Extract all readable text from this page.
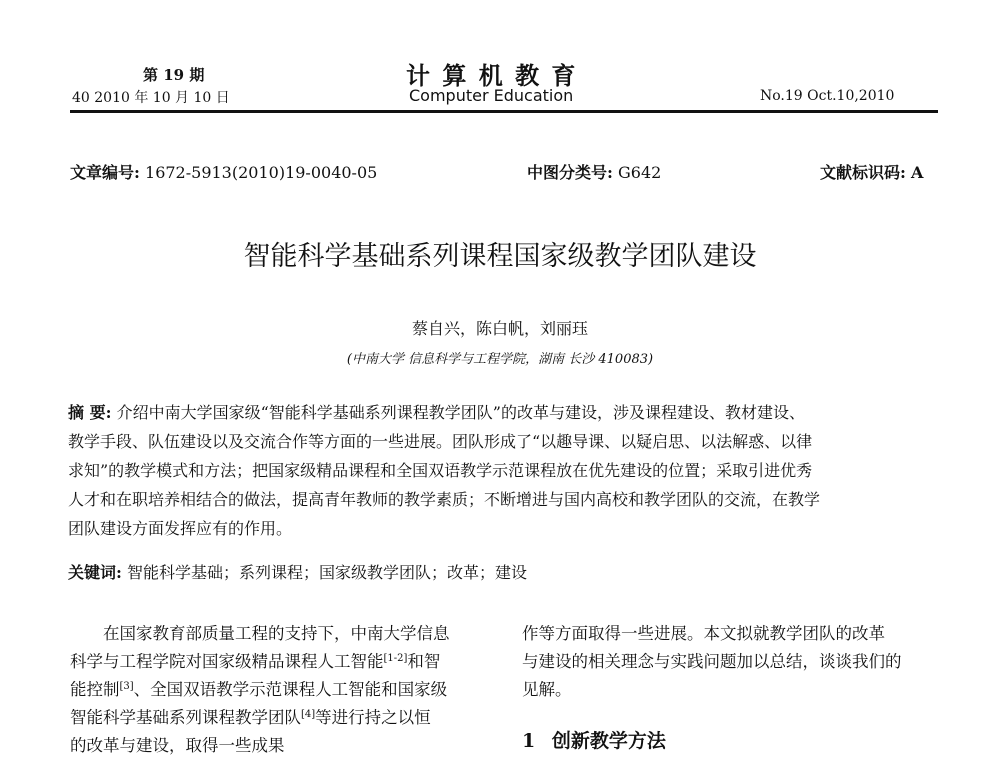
第 19 期	计 算 机 教 育
40 2010 年 10 月 10 日	Computer Education	No.19 Oct.10,2010
文章编号: 1672-5913(2010)19-0040-05	中图分类号: G642	文献标识码: A
智能科学基础系列课程国家级教学团队建设
蔡自兴，陈白帆，刘丽珏
(中南大学 信息科学与工程学院，湖南 长沙 410083)
摘 要: 介绍中南大学国家级“智能科学基础系列课程教学团队”的改革与建设，涉及课程建设、教材建设、
教学手段、队伍建设以及交流合作等方面的一些进展。团队形成了“以趣导课、以疑启思、以法解惑、以律
求知”的教学模式和方法；把国家级精品课程和全国双语教学示范课程放在优先建设的位置；采取引进优秀
人才和在职培养相结合的做法，提高青年教师的教学素质；不断增进与国内高校和教学团队的交流，在教学
团队建设方面发挥应有的作用。
关键词: 智能科学基础；系列课程；国家级教学团队；改革；建设
在国家教育部质量工程的支持下，中南大学信息
科学与工程学院对国家级精品课程人工智能[1-2]和智
能控制[3]、全国双语教学示范课程人工智能和国家级
智能科学基础系列课程教学团队[4]等进行持之以恒
的改革与建设，取得一些成果
作等方面取得一些进展。本文拟就教学团队的改革
与建设的相关理念与实践问题加以总结，谈谈我们的
见解。
1 创新教学方法
